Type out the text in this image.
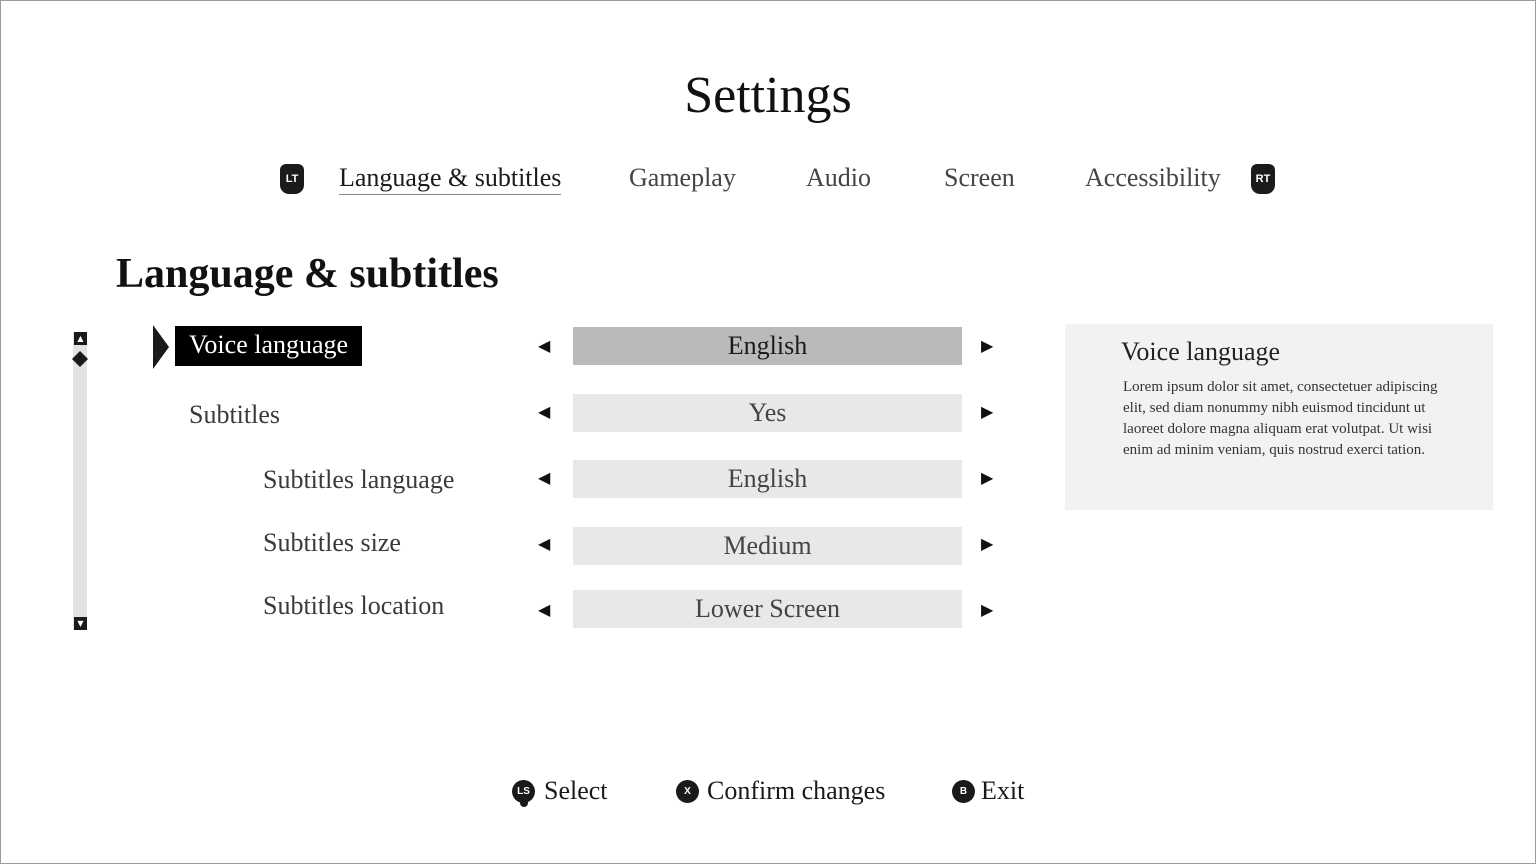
Settings
LT Language & subtitles	Gameplay	Audio	Screen	Accessibility	RT
Language & subtitles
▲
▼
Voice language	◀	English	▶
Subtitles	◀	Yes	▶
Subtitles language	◀	English	▶
Subtitles size	◀	Medium	▶
Subtitles location	◀	Lower Screen	▶
Voice language
Lorem ipsum dolor sit amet, consectetuer adipiscing elit, sed diam nonummy nibh euismod tincidunt ut laoreet dolore magna aliquam erat volutpat. Ut wisi enim ad minim veniam, quis nostrud exerci tation.
LS Select	X Confirm changes	B Exit
